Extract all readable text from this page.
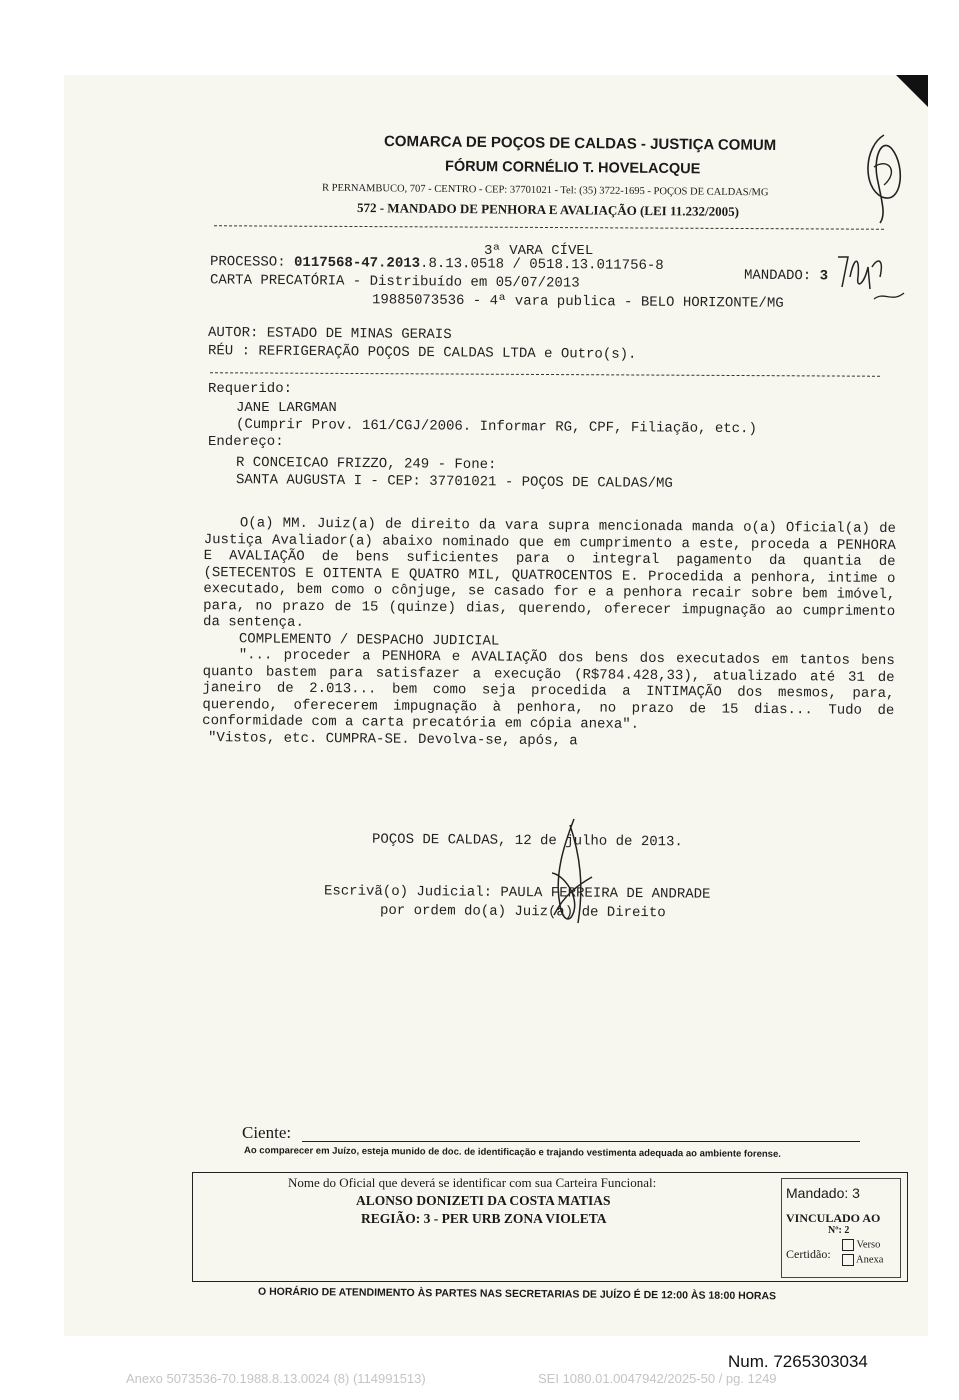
COMARCA DE POÇOS DE CALDAS - JUSTIÇA COMUM
FÓRUM CORNÉLIO T. HOVELACQUE
R PERNAMBUCO, 707 - CENTRO - CEP: 37701021 - Tel: (35) 3722-1695 - POÇOS DE CALDAS/MG
572 - MANDADO DE PENHORA E AVALIAÇÃO (LEI 11.232/2005)
3ª VARA CÍVEL
PROCESSO: 0117568-47.2013.8.13.0518 / 0518.13.011756-8
MANDADO: 3
CARTA PRECATÓRIA - Distribuído em 05/07/2013
19885073536 - 4ª vara publica - BELO HORIZONTE/MG
AUTOR: ESTADO DE MINAS GERAIS
RÉU : REFRIGERAÇÃO POÇOS DE CALDAS LTDA e Outro(s).
Requerido:
JANE LARGMAN
(Cumprir Prov. 161/CGJ/2006. Informar RG, CPF, Filiação, etc.)
Endereço:
R CONCEICAO FRIZZO, 249 - Fone:
SANTA AUGUSTA I - CEP: 37701021 - POÇOS DE CALDAS/MG

O(a) MM. Juiz(a) de direito da vara supra mencionada manda o(a) Oficial(a) de Justiça Avaliador(a) abaixo nominado que em cumprimento a este, proceda a PENHORA E AVALIAÇÃO de bens suficientes para o integral pagamento da quantia de (SETECENTOS E OITENTA E QUATRO MIL, QUATROCENTOS E. Procedida a penhora, intime o executado, bem como o cônjuge, se casado for e a penhora recair sobre bem imóvel, para, no prazo de 15 (quinze) dias, querendo, oferecer impugnação ao cumprimento da sentença.

COMPLEMENTO / DESPACHO JUDICIAL

"... proceder a PENHORA e AVALIAÇÃO dos bens dos executados em tantos bens quanto bastem para satisfazer a execução (R$784.428,33), atualizado até 31 de janeiro de 2.013... bem como seja procedida a INTIMAÇÃO dos mesmos, para, querendo, oferecerem impugnação à penhora, no prazo de 15 dias... Tudo de conformidade com a carta precatória em cópia anexa".

"Vistos, etc. CUMPRA-SE. Devolva-se, após, a

POÇOS DE CALDAS, 12 de julho de 2013.
Escrivã(o) Judicial: PAULA FERREIRA DE ANDRADE
por ordem do(a) Juiz(a) de Direito
Ciente:
Ao comparecer em Juízo, esteja munido de doc. de identificação e trajando vestimenta adequada ao ambiente forense.
Nome do Oficial que deverá se identificar com sua Carteira Funcional:
ALONSO DONIZETI DA COSTA MATIAS
REGIÃO: 3 - PER URB ZONA VIOLETA
Mandado: 3
VINCULADO AO
Nº: 2
Certidão:
Verso
Anexa
O HORÁRIO DE ATENDIMENTO ÀS PARTES NAS SECRETARIAS DE JUÍZO É DE 12:00 ÀS 18:00 HORAS
Num. 7265303034
Anexo 5073536-70.1988.8.13.0024 (8) (114991513)	SEI 1080.01.0047942/2025-50 / pg. 1249
